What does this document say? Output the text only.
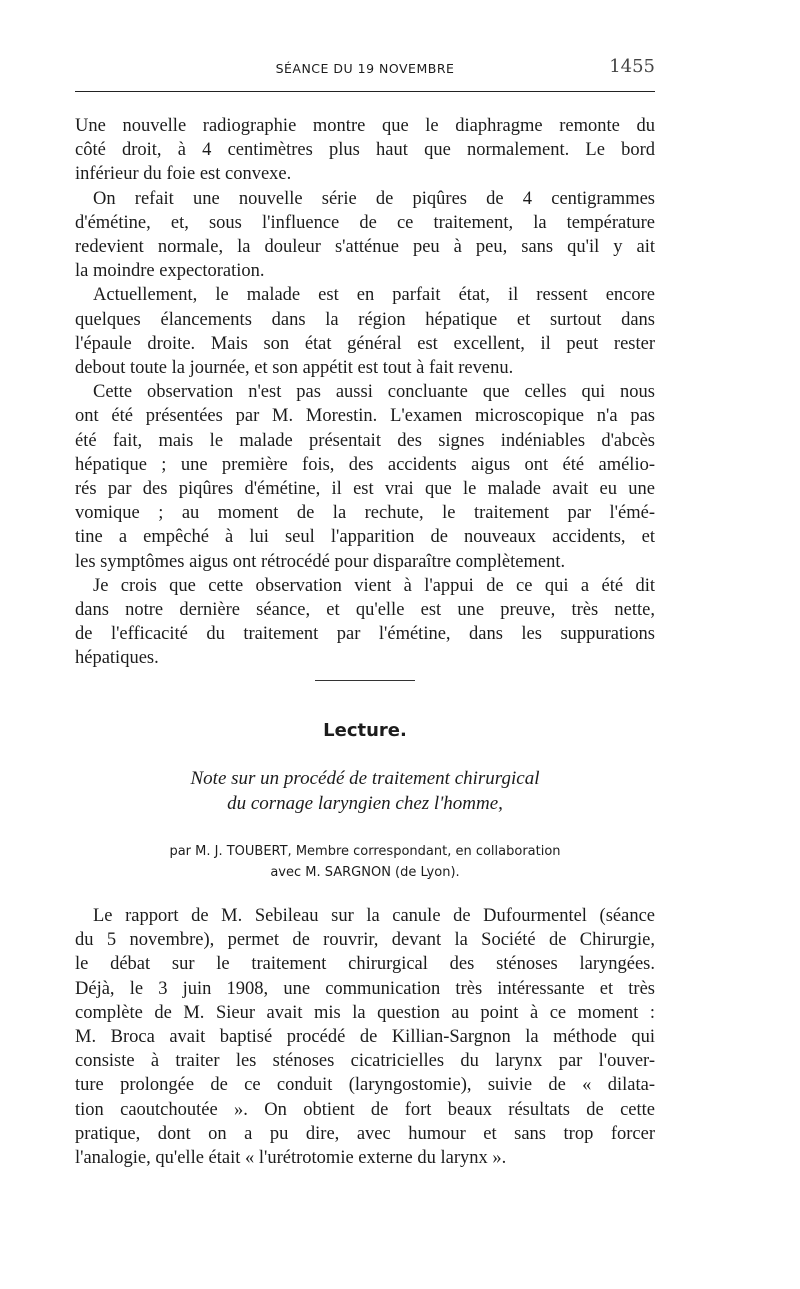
SÉANCE DU 19 NOVEMBRE	1455
Une nouvelle radiographie montre que le diaphragme remonte du
côté droit, à 4 centimètres plus haut que normalement. Le bord
inférieur du foie est convexe.
On refait une nouvelle série de piqûres de 4 centigrammes
d'émétine, et, sous l'influence de ce traitement, la température
redevient normale, la douleur s'atténue peu à peu, sans qu'il y ait
la moindre expectoration.
Actuellement, le malade est en parfait état, il ressent encore
quelques élancements dans la région hépatique et surtout dans
l'épaule droite. Mais son état général est excellent, il peut rester
debout toute la journée, et son appétit est tout à fait revenu.
Cette observation n'est pas aussi concluante que celles qui nous
ont été présentées par M. Morestin. L'examen microscopique n'a pas
été fait, mais le malade présentait des signes indéniables d'abcès
hépatique ; une première fois, des accidents aigus ont été amélio-
rés par des piqûres d'émétine, il est vrai que le malade avait eu une
vomique ; au moment de la rechute, le traitement par l'émé-
tine a empêché à lui seul l'apparition de nouveaux accidents, et
les symptômes aigus ont rétrocédé pour disparaître complètement.
Je crois que cette observation vient à l'appui de ce qui a été dit
dans notre dernière séance, et qu'elle est une preuve, très nette,
de l'efficacité du traitement par l'émétine, dans les suppurations
hépatiques.
Lecture.
Note sur un procédé de traitement chirurgical
du cornage laryngien chez l'homme,
par M. J. TOUBERT, Membre correspondant, en collaboration
avec M. SARGNON (de Lyon).
Le rapport de M. Sebileau sur la canule de Dufourmentel (séance
du 5 novembre), permet de rouvrir, devant la Société de Chirurgie,
le débat sur le traitement chirurgical des sténoses laryngées.
Déjà, le 3 juin 1908, une communication très intéressante et très
complète de M. Sieur avait mis la question au point à ce moment :
M. Broca avait baptisé procédé de Killian-Sargnon la méthode qui
consiste à traiter les sténoses cicatricielles du larynx par l'ouver-
ture prolongée de ce conduit (laryngostomie), suivie de « dilata-
tion caoutchoutée ». On obtient de fort beaux résultats de cette
pratique, dont on a pu dire, avec humour et sans trop forcer
l'analogie, qu'elle était « l'urétrotomie externe du larynx ».
